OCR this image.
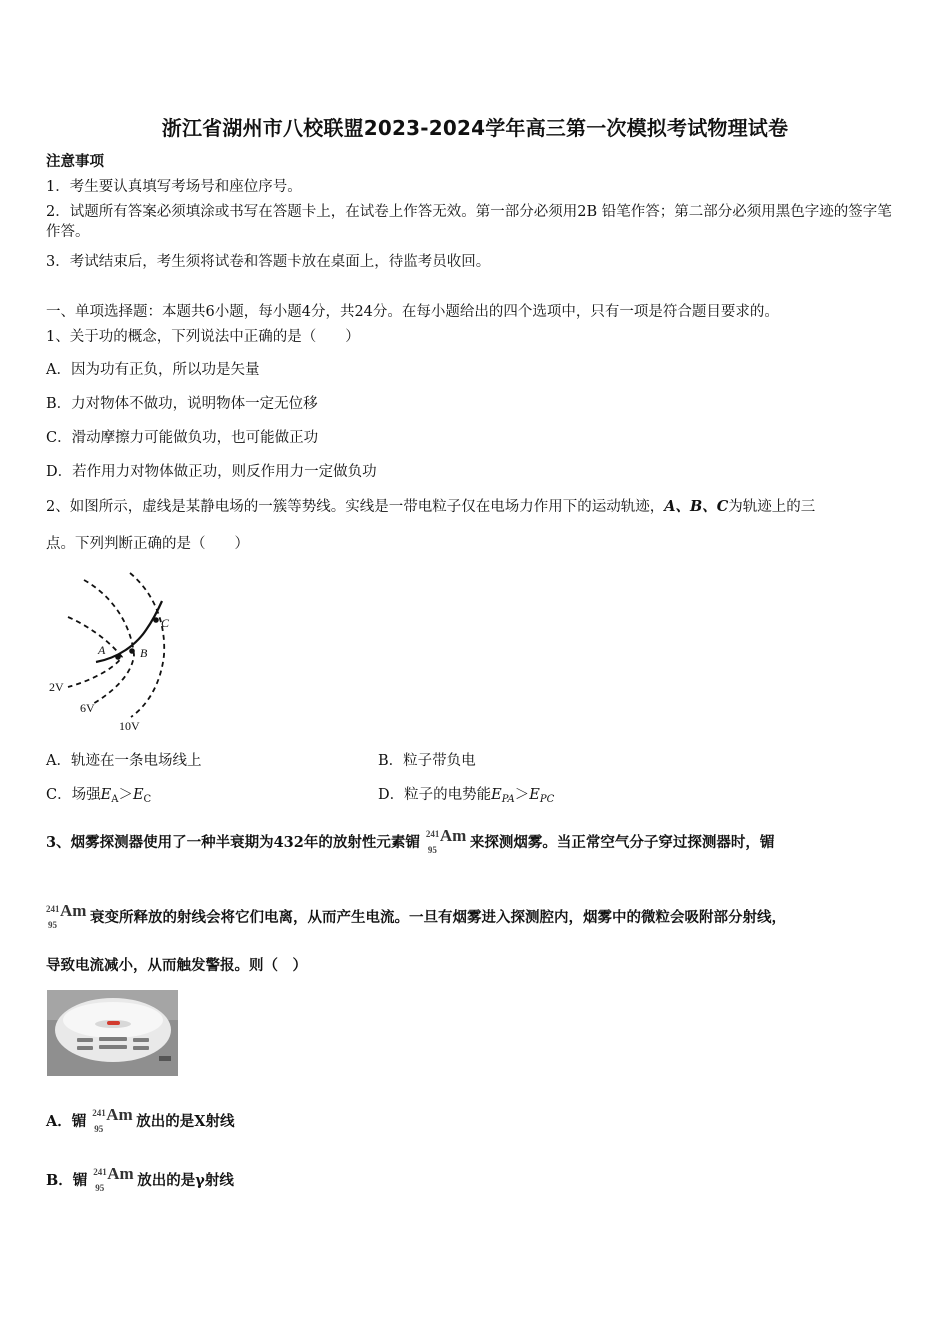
浙江省湖州市八校联盟2023-2024学年高三第一次模拟考试物理试卷
注意事项
1．考生要认真填写考场号和座位序号。
2．试题所有答案必须填涂或书写在答题卡上，在试卷上作答无效。第一部分必须用2B 铅笔作答；第二部分必须用黑色字迹的签字笔作答。
3．考试结束后，考生须将试卷和答题卡放在桌面上，待监考员收回。
一、单项选择题：本题共6小题，每小题4分，共24分。在每小题给出的四个选项中，只有一项是符合题目要求的。
1、关于功的概念，下列说法中正确的是（　　）
A．因为功有正负，所以功是矢量
B．力对物体不做功，说明物体一定无位移
C．滑动摩擦力可能做负功，也可能做正功
D．若作用力对物体做正功，则反作用力一定做负功
2、如图所示，虚线是某静电场的一簇等势线。实线是一带电粒子仅在电场力作用下的运动轨迹，A、B、C为轨迹上的三
点。下列判断正确的是（　　）
A	B
C
2V
6V
10V
A．轨迹在一条电场线上	B．粒子带负电
C．场强$E_A>E_C$	D．粒子的电势能$E_{PA}>E_{PC}$
3、烟雾探测器使用了一种半衰期为432年的放射性元素镅 241
95
Am 来探测烟雾。当正常空气分子穿过探测器时，镅
241
95
Am 衰变所释放的射线会将它们电离，从而产生电流。一旦有烟雾进入探测腔内，烟雾中的微粒会吸附部分射线，
导致电流减小，从而触发警报。则（　）
A．镅 241
95
Am 放出的是X射线
B．镅 241
95
Am 放出的是γ射线
